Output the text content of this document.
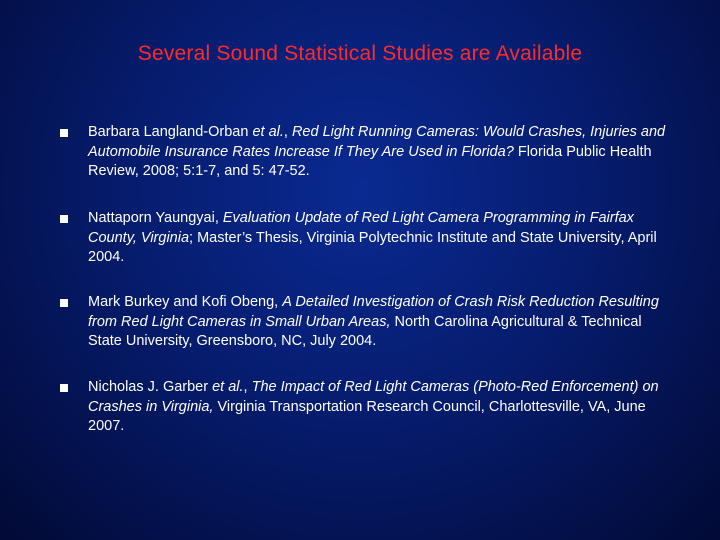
Several Sound Statistical Studies are Available
Barbara Langland-Orban et al., Red Light Running Cameras: Would Crashes, Injuries and Automobile Insurance Rates Increase If They Are Used in Florida? Florida Public Health Review, 2008; 5:1-7, and 5: 47-52.
Nattaporn Yaungyai, Evaluation Update of Red Light Camera Programming in Fairfax County, Virginia; Master’s Thesis, Virginia Polytechnic Institute and State University, April 2004.
Mark Burkey and Kofi Obeng, A Detailed Investigation of Crash Risk Reduction Resulting from Red Light Cameras in Small Urban Areas, North Carolina Agricultural & Technical State University, Greensboro, NC, July 2004.
Nicholas J. Garber et al., The Impact of Red Light Cameras (Photo-Red Enforcement) on Crashes in Virginia, Virginia Transportation Research Council, Charlottesville, VA, June 2007.
